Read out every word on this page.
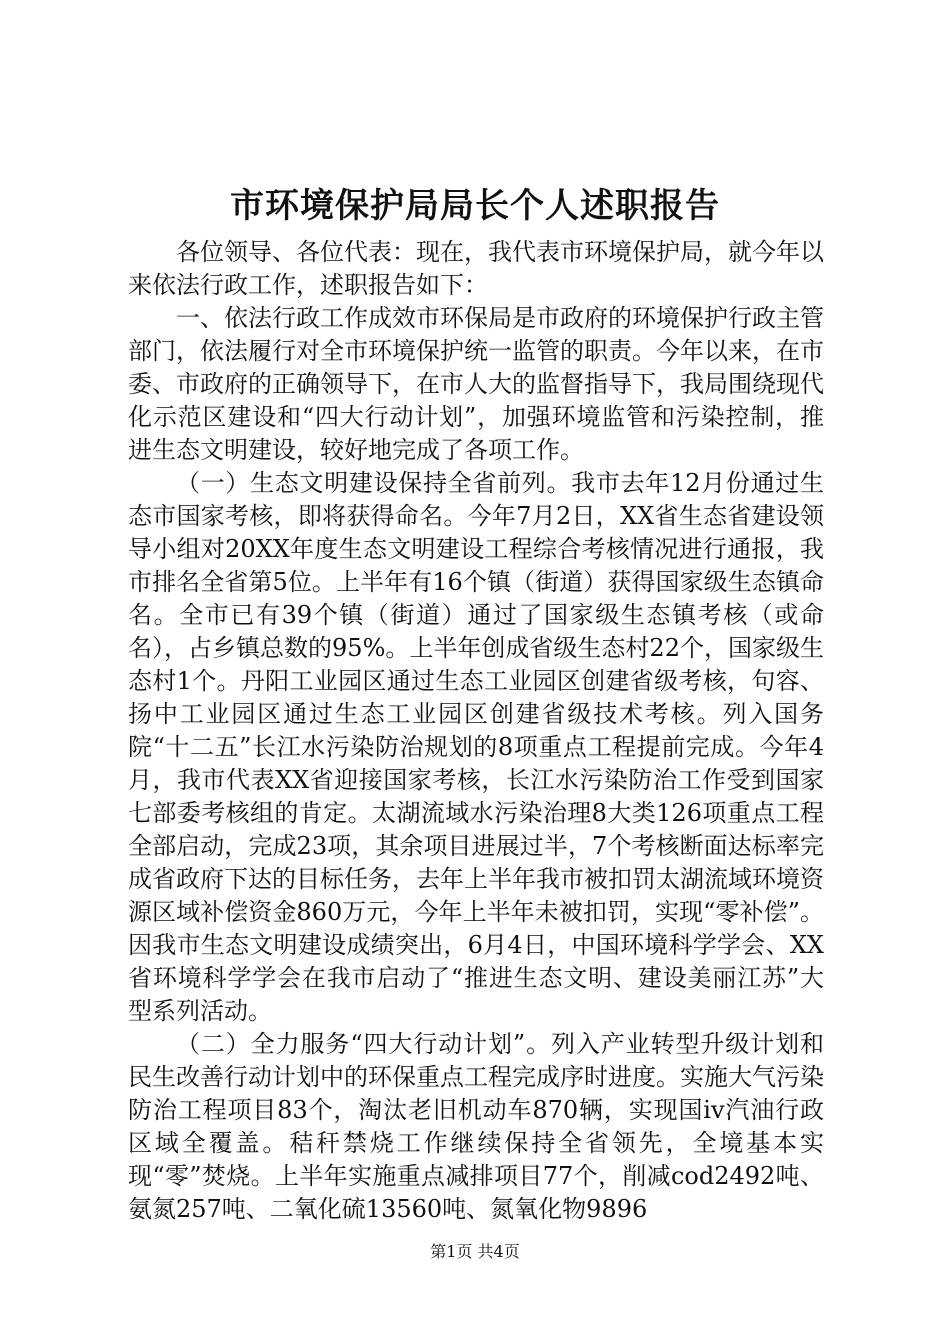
市环境保护局局长个人述职报告

各位领导、各位代表：现在，我代表市环境保护局，就今年以来依法行政工作，述职报告如下：

一、依法行政工作成效市环保局是市政府的环境保护行政主管部门，依法履行对全市环境保护统一监管的职责。今年以来，在市委、市政府的正确领导下，在市人大的监督指导下，我局围绕现代化示范区建设和“四大行动计划”，加强环境监管和污染控制，推进生态文明建设，较好地完成了各项工作。

（一）生态文明建设保持全省前列。我市去年12月份通过生态市国家考核，即将获得命名。今年7月2日，XX省生态省建设领导小组对20XX年度生态文明建设工程综合考核情况进行通报，我市排名全省第5位。上半年有16个镇（街道）获得国家级生态镇命名。全市已有39个镇（街道）通过了国家级生态镇考核（或命名），占乡镇总数的95%。上半年创成省级生态村22个，国家级生态村1个。丹阳工业园区通过生态工业园区创建省级考核，句容、扬中工业园区通过生态工业园区创建省级技术考核。列入国务院“十二五”长江水污染防治规划的8项重点工程提前完成。今年4月，我市代表XX省迎接国家考核，长江水污染防治工作受到国家七部委考核组的肯定。太湖流域水污染治理8大类126项重点工程全部启动，完成23项，其余项目进展过半，7个考核断面达标率完成省政府下达的目标任务，去年上半年我市被扣罚太湖流域环境资源区域补偿资金860万元，今年上半年未被扣罚，实现“零补偿”。因我市生态文明建设成绩突出，6月4日，中国环境科学学会、XX省环境科学学会在我市启动了“推进生态文明、建设美丽江苏”大型系列活动。

（二）全力服务“四大行动计划”。列入产业转型升级计划和民生改善行动计划中的环保重点工程完成序时进度。实施大气污染防治工程项目83个，淘汰老旧机动车870辆，实现国iv汽油行政区域全覆盖。秸秆禁烧工作继续保持全省领先，全境基本实现“零”焚烧。上半年实施重点减排项目77个，削减cod2492吨、氨氮257吨、二氧化硫13560吨、氮氧化物9896

第1页 共4页
